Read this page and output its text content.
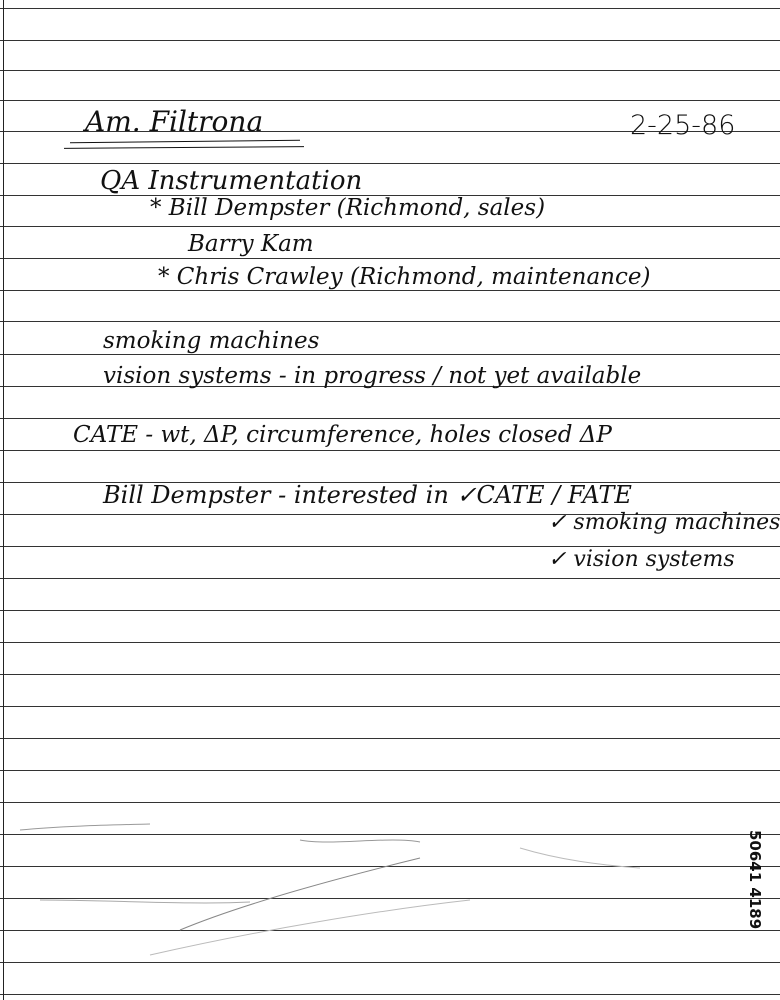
Am. Filtrona	2-25-86

QA Instrumentation

* Bill Dempster (Richmond, sales)

Barry Kam

* Chris Crawley (Richmond, maintenance)

smoking machines

vision systems - in progress / not yet available

CATE - wt, ΔP, circumference, holes closed ΔP

Bill Dempster - interested in ✓CATE / FATE

✓ smoking machines

✓ vision systems

50641 4189
